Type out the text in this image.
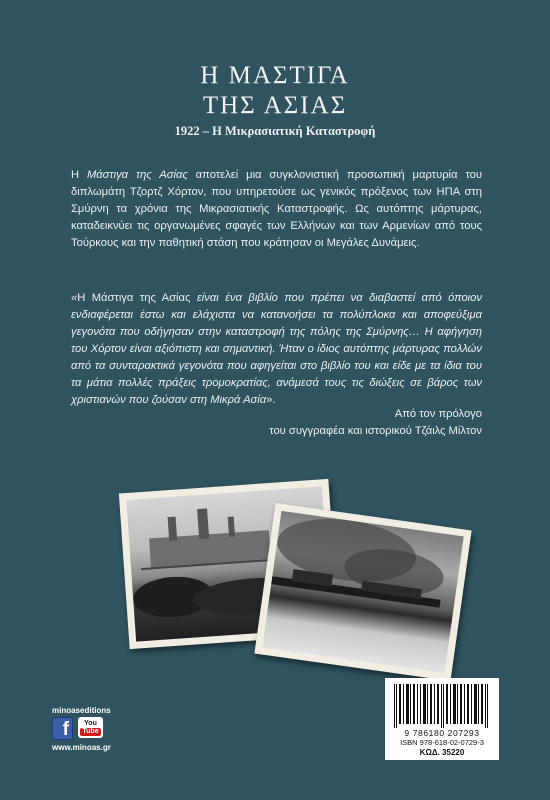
Η ΜΑΣΤΙΓΑ
ΤΗΣ ΑΣΙΑΣ
1922 – Η Μικρασιατική Καταστροφή

Η Μάστιγα της Ασίας αποτελεί μια συγκλονιστική προσωπική μαρτυρία του διπλωμάτη Τζορτζ Χόρτον, που υπηρετούσε ως γενικός πρόξενος των ΗΠΑ στη Σμύρνη τα χρόνια της Μικρασιατικής Καταστροφής. Ως αυτόπτης μάρτυρας, καταδεικνύει τις οργανωμένες σφαγές των Ελλήνων και των Αρμενίων από τους Τούρκους και την παθητική στάση που κράτησαν οι Μεγάλες Δυνάμεις.

«Η Μάστιγα της Ασίας είναι ένα βιβλίο που πρέπει να διαβαστεί από όποιον ενδιαφέρεται έστω και ελάχιστα να κατανοήσει τα πολύπλοκα και αποφεύξιμα γεγονότα που οδήγησαν στην καταστροφή της πόλης της Σμύρνης… Η αφήγηση του Χόρτον είναι αξιόπιστη και σημαντική. Ήταν ο ίδιος αυτόπτης μάρτυρας πολλών από τα συνταρακτικά γεγονότα που αφηγείται στο βιβλίο του και είδε με τα ίδια του τα μάτια πολλές πράξεις τρομοκρατίας, ανάμεσά τους τις διώξεις σε βάρος των χριστιανών που ζούσαν στη Μικρά Ασία».

Από τον πρόλογο
του συγγραφέα και ιστορικού Τζάιλς Μίλτον
minoaseditions
f You
Tube
www.minoas.gr
9 786180 207293
ISBN 978-618-02-0729-3
ΚΩΔ. 35220
